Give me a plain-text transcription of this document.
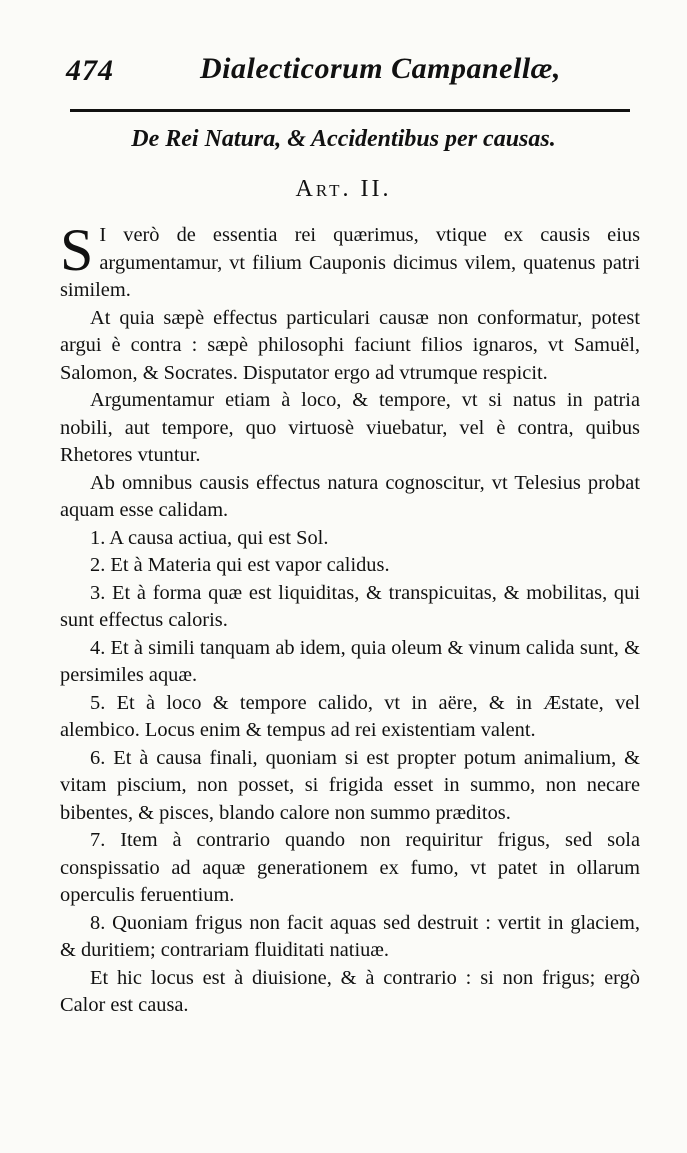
474	Dialecticorum Campanellæ,
De Rei Natura, & Accidentibus per causas.
Art. II.

S I verò de essentia rei quærimus, vtique ex causis eius argumentamur, vt filium Cauponis dicimus vilem, quatenus patri similem.

At quia sæpè effectus particulari causæ non conformatur, potest argui è contra : sæpè philosophi faciunt filios ignaros, vt Samuël, Salomon, & Socrates. Disputator ergo ad vtrumque respicit.

Argumentamur etiam à loco, & tempore, vt si natus in patria nobili, aut tempore, quo virtuosè viuebatur, vel è contra, quibus Rhetores vtuntur.

Ab omnibus causis effectus natura cognoscitur, vt Telesius probat aquam esse calidam.

1. A causa actiua, qui est Sol.

2. Et à Materia qui est vapor calidus.

3. Et à forma quæ est liquiditas, & transpicuitas, & mobilitas, qui sunt effectus caloris.

4. Et à simili tanquam ab idem, quia oleum & vinum calida sunt, & persimiles aquæ.

5. Et à loco & tempore calido, vt in aëre, & in Æstate, vel alembico. Locus enim & tempus ad rei existentiam valent.

6. Et à causa finali, quoniam si est propter potum animalium, & vitam piscium, non posset, si frigida esset in summo, non necare bibentes, & pisces, blando calore non summo præditos.

7. Item à contrario quando non requiritur frigus, sed sola conspissatio ad aquæ generationem ex fumo, vt patet in ollarum operculis feruentium.

8. Quoniam frigus non facit aquas sed destruit : vertit in glaciem, & duritiem; contrariam fluiditati natiuæ.

Et hic locus est à diuisione, & à contrario : si non frigus; ergò Calor est causa.
